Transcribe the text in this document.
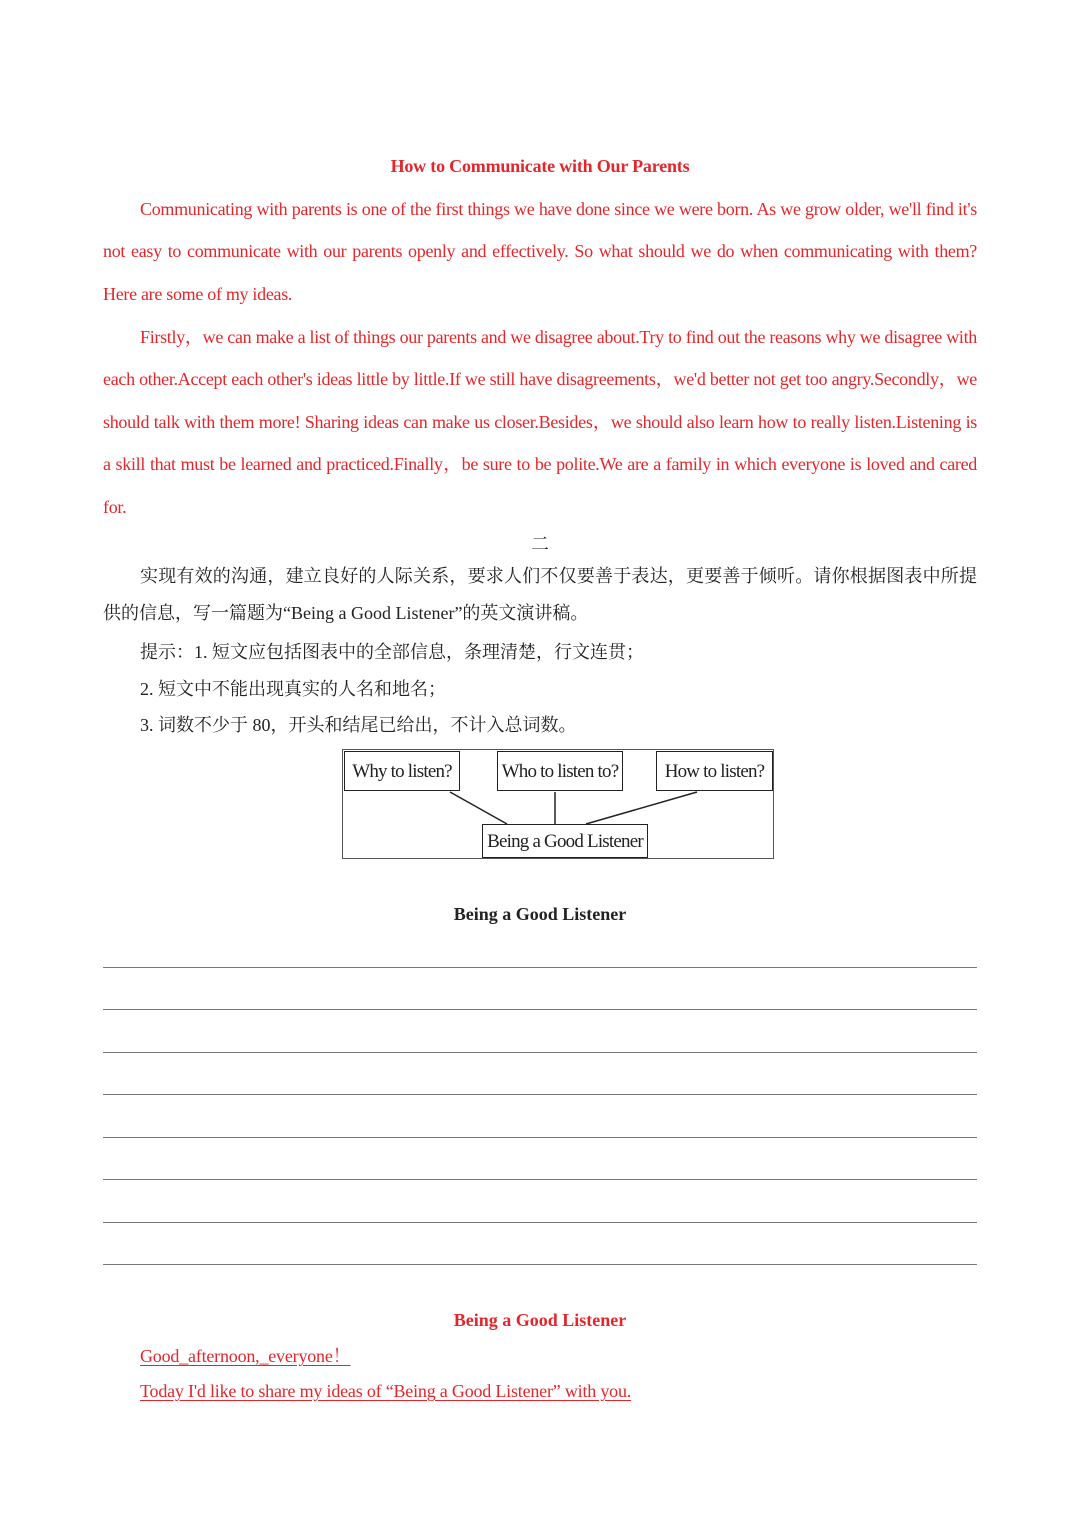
How to Communicate with Our Parents
Communicating with parents is one of the first things we have done since we were born. As we grow older, we'll find it's not easy to communicate with our parents openly and effectively. So what should we do when communicating with them? Here are some of my ideas.
Firstly，we can make a list of things our parents and we disagree about.Try to find out the reasons why we disagree with each other.Accept each other's ideas little by little.If we still have disagreements，we'd better not get too angry.Secondly，we should talk with them more! Sharing ideas can make us closer.Besides，we should also learn how to really listen.Listening is a skill that must be learned and practiced.Finally，be sure to be polite.We are a family in which everyone is loved and cared for.
二
实现有效的沟通，建立良好的人际关系，要求人们不仅要善于表达，更要善于倾听。请你根据图表中所提供的信息，写一篇题为“Being a Good Listener”的英文演讲稿。
提示：1. 短文应包括图表中的全部信息，条理清楚，行文连贯；
2. 短文中不能出现真实的人名和地名；
3. 词数不少于 80，开头和结尾已给出，不计入总词数。
Why to listen?	Who to listen to?	How to listen?
Being a Good Listener
Being a Good Listener
Being a Good Listener
Good_afternoon,_everyone！
Today I'd like to share my ideas of “Being a Good Listener” with you.
